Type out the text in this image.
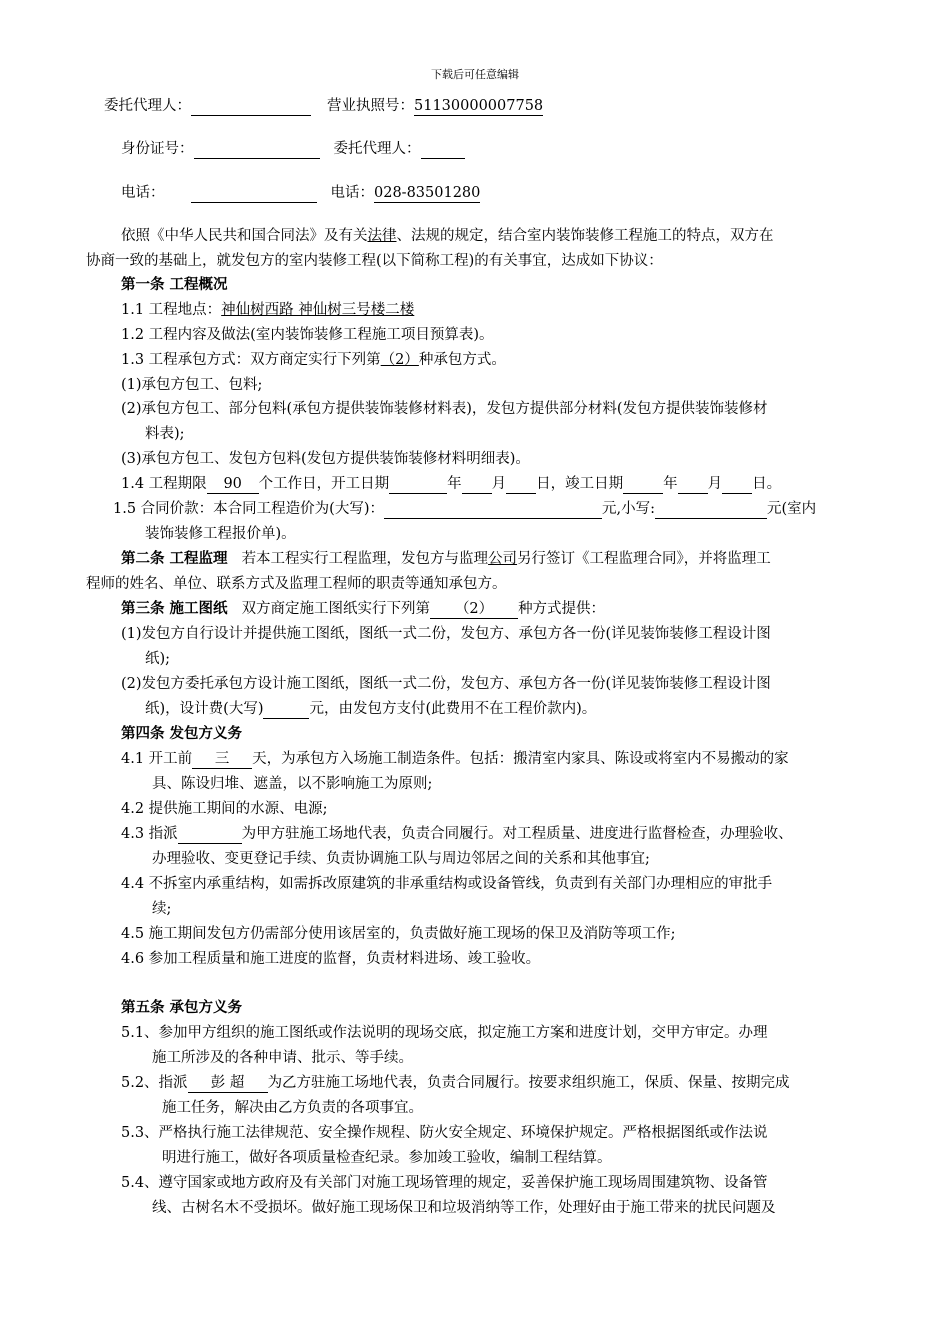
下载后可任意编辑
委托代理人：	营业执照号：51130000007758
身份证号：	委托代理人：
电话：	电话：028-83501280
依照《中华人民共和国合同法》及有关法律、法规的规定，结合室内装饰装修工程施工的特点，双方在
协商一致的基础上，就发包方的室内装修工程(以下简称工程)的有关事宜，达成如下协议：
第一条 工程概况
1.1 工程地点：神仙树西路 神仙树三号楼二楼
1.2 工程内容及做法(室内装饰装修工程施工项目预算表)。
1.3 工程承包方式：双方商定实行下列第（2）种承包方式。
(1)承包方包工、包料;
(2)承包方包工、部分包料(承包方提供装饰装修材料表)，发包方提供部分材料(发包方提供装饰装修材
料表);
(3)承包方包工、发包方包料(发包方提供装饰装修材料明细表)。
1.4 工程期限 90 个工作日，开工日期	年 月 日，竣工日期	年 月 日。
1.5 合同价款：本合同工程造价为(大写)：	元,小写:	元(室内
装饰装修工程报价单)。
第二条 工程监理 若本工程实行工程监理，发包方与监理公司另行签订《工程监理合同》，并将监理工
程师的姓名、单位、联系方式及监理工程师的职责等通知承包方。
第三条 施工图纸 双方商定施工图纸实行下列第 （2） 种方式提供：
(1)发包方自行设计并提供施工图纸，图纸一式二份，发包方、承包方各一份(详见装饰装修工程设计图
纸);
(2)发包方委托承包方设计施工图纸，图纸一式二份，发包方、承包方各一份(详见装饰装修工程设计图
纸)，设计费(大写)	元，由发包方支付(此费用不在工程价款内)。
第四条 发包方义务
4.1 开工前 三 天，为承包方入场施工制造条件。包括：搬清室内家具、陈设或将室内不易搬动的家
具、陈设归堆、遮盖，以不影响施工为原则;
4.2 提供施工期间的水源、电源;
4.3 指派	为甲方驻施工场地代表，负责合同履行。对工程质量、进度进行监督检查，办理验收、
办理验收、变更登记手续、负责协调施工队与周边邻居之间的关系和其他事宜;
4.4 不拆室内承重结构，如需拆改原建筑的非承重结构或设备管线，负责到有关部门办理相应的审批手
续;
4.5 施工期间发包方仍需部分使用该居室的，负责做好施工现场的保卫及消防等项工作;
4.6 参加工程质量和施工进度的监督，负责材料进场、竣工验收。
第五条 承包方义务
5.1、参加甲方组织的施工图纸或作法说明的现场交底，拟定施工方案和进度计划，交甲方审定。办理
施工所涉及的各种申请、批示、等手续。
5.2、指派 彭 超 为乙方驻施工场地代表，负责合同履行。按要求组织施工，保质、保量、按期完成
施工任务，解决由乙方负责的各项事宜。
5.3、严格执行施工法律规范、安全操作规程、防火安全规定、环境保护规定。严格根据图纸或作法说
明进行施工，做好各项质量检查纪录。参加竣工验收，编制工程结算。
5.4、遵守国家或地方政府及有关部门对施工现场管理的规定，妥善保护施工现场周围建筑物、设备管
线、古树名木不受损坏。做好施工现场保卫和垃圾消纳等工作，处理好由于施工带来的扰民问题及
